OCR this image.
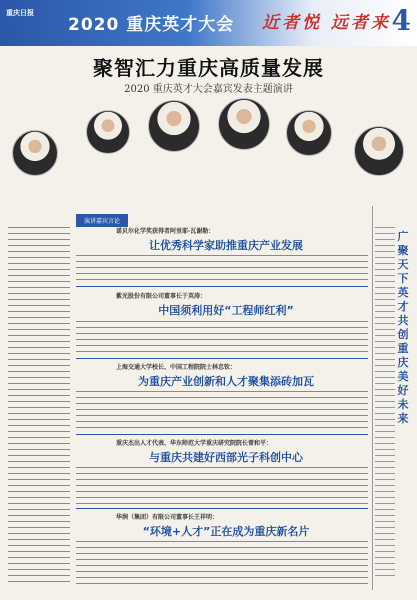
重庆日报
2020 重庆英才大会 近者悦 远者来 4
聚智汇力重庆高质量发展
2020 重庆英才大会嘉宾发表主题演讲
演讲嘉宾言论
诺贝尔化学奖获得者阿里耶·瓦谢勒：
让优秀科学家助推重庆产业发展
紫光股份有限公司董事长于英涛：
中国须利用好“工程师红利”
上海交通大学校长、中国工程院院士林忠钦：
为重庆产业创新和人才聚集添砖加瓦
重庆杰出人才代表、华东师范大学重庆研究院院长曾和平：
与重庆共建好西部光子科创中心
华润（集团）有限公司董事长王祥明：
“环境+人才”正在成为重庆新名片
广聚天下英才共创重庆美好未来
